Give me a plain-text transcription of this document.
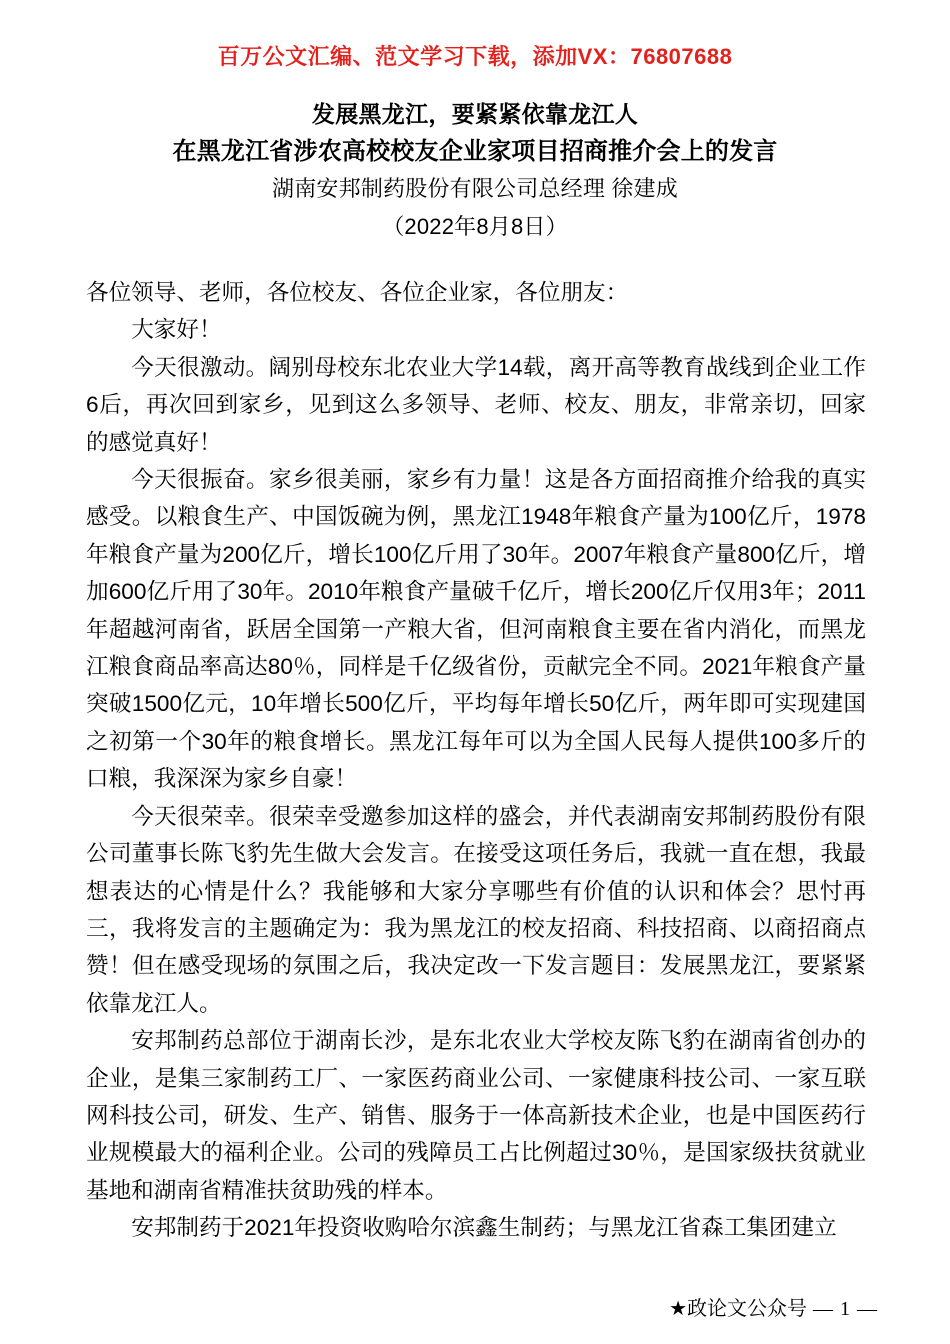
百万公文汇编、范文学习下载，添加VX：76807688
发展黑龙江，要紧紧依靠龙江人
在黑龙江省涉农高校校友企业家项目招商推介会上的发言
湖南安邦制药股份有限公司总经理 徐建成
（2022年8月8日）

各位领导、老师，各位校友、各位企业家，各位朋友：

大家好！

今天很激动。阔别母校东北农业大学14载，离开高等教育战线到企业工作6后，再次回到家乡，见到这么多领导、老师、校友、朋友，非常亲切，回家的感觉真好！

今天很振奋。家乡很美丽，家乡有力量！这是各方面招商推介给我的真实感受。以粮食生产、中国饭碗为例，黑龙江1948年粮食产量为100亿斤，1978年粮食产量为200亿斤，增长100亿斤用了30年。2007年粮食产量800亿斤，增加600亿斤用了30年。2010年粮食产量破千亿斤，增长200亿斤仅用3年；2011年超越河南省，跃居全国第一产粮大省，但河南粮食主要在省内消化，而黑龙江粮食商品率高达80％，同样是千亿级省份，贡献完全不同。2021年粮食产量突破1500亿元，10年增长500亿斤，平均每年增长50亿斤，两年即可实现建国之初第一个30年的粮食增长。黑龙江每年可以为全国人民每人提供100多斤的口粮，我深深为家乡自豪！

今天很荣幸。很荣幸受邀参加这样的盛会，并代表湖南安邦制药股份有限公司董事长陈飞豹先生做大会发言。在接受这项任务后，我就一直在想，我最想表达的心情是什么？我能够和大家分享哪些有价值的认识和体会？思忖再三，我将发言的主题确定为：我为黑龙江的校友招商、科技招商、以商招商点赞！但在感受现场的氛围之后，我决定改一下发言题目：发展黑龙江，要紧紧依靠龙江人。

安邦制药总部位于湖南长沙，是东北农业大学校友陈飞豹在湖南省创办的企业，是集三家制药工厂、一家医药商业公司、一家健康科技公司、一家互联网科技公司，研发、生产、销售、服务于一体高新技术企业，也是中国医药行业规模最大的福利企业。公司的残障员工占比例超过30％，是国家级扶贫就业基地和湖南省精准扶贫助残的样本。

安邦制药于2021年投资收购哈尔滨鑫生制药；与黑龙江省森工集团建立

★政论文公众号 — 1 —
